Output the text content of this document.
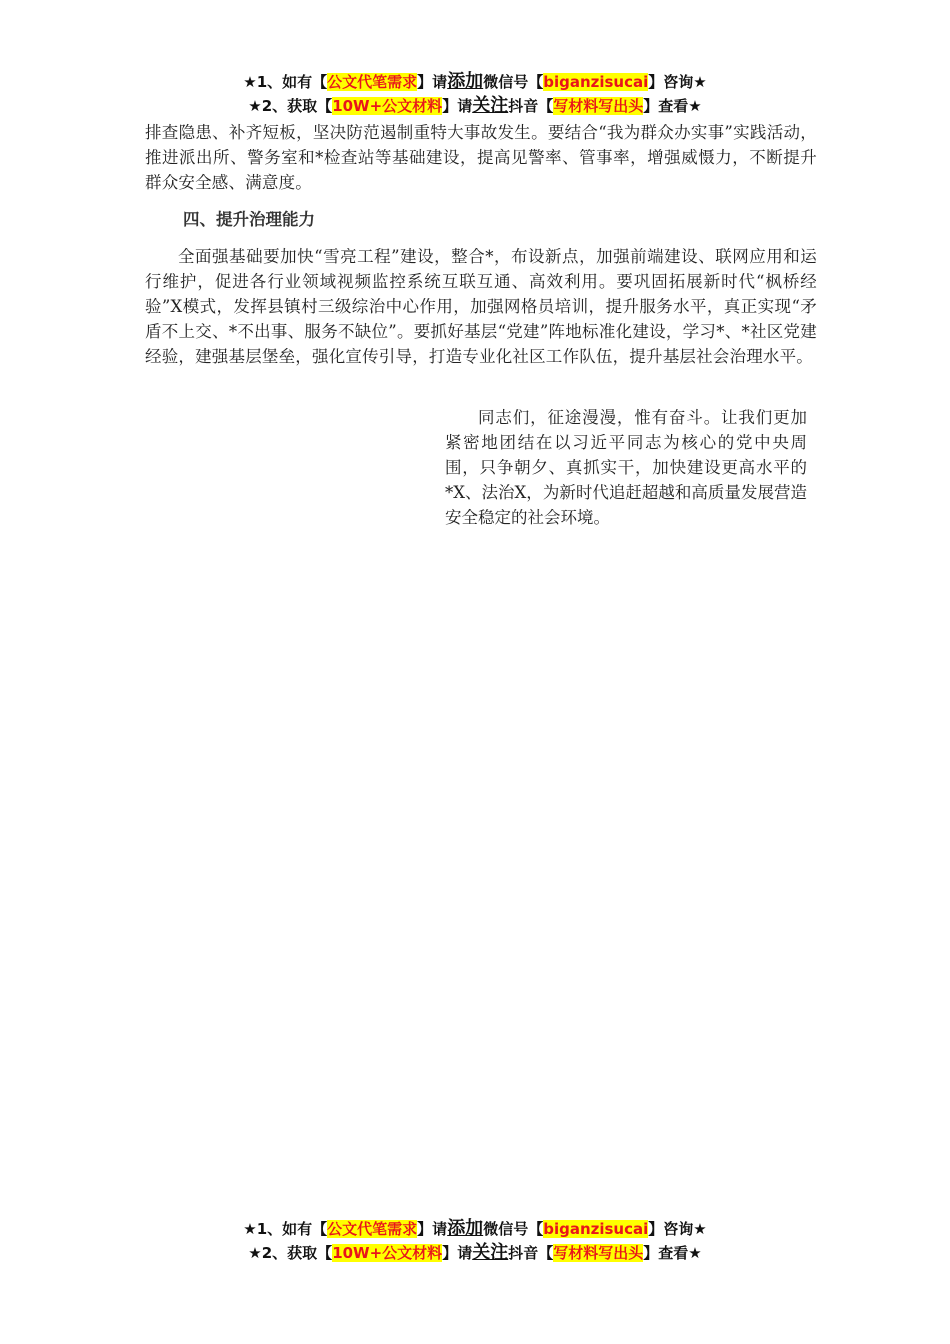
★1、如有【公文代笔需求】请添加微信号【biganzisucai】咨询★
★2、获取【10W+公文材料】请关注抖音【写材料写出头】查看★

排查隐患、补齐短板，坚决防范遏制重特大事故发生。要结合“我为群众办实事”实践活动，推进派出所、警务室和*检查站等基础建设，提高见警率、管事率，增强威慑力，不断提升群众安全感、满意度。

四、提升治理能力

全面强基础要加快“雪亮工程”建设，整合*，布设新点，加强前端建设、联网应用和运行维护，促进各行业领域视频监控系统互联互通、高效利用。要巩固拓展新时代“枫桥经验”X模式，发挥县镇村三级综治中心作用，加强网格员培训，提升服务水平，真正实现“矛盾不上交、*不出事、服务不缺位”。要抓好基层“党建”阵地标准化建设，学习*、*社区党建经验，建强基层堡垒，强化宣传引导，打造专业化社区工作队伍，提升基层社会治理水平。

同志们，征途漫漫，惟有奋斗。让我们更加紧密地团结在以习近平同志为核心的党中央周围，只争朝夕、真抓实干，加快建设更高水平的*X、法治X，为新时代追赶超越和高质量发展营造安全稳定的社会环境。

★1、如有【公文代笔需求】请添加微信号【biganzisucai】咨询★
★2、获取【10W+公文材料】请关注抖音【写材料写出头】查看★
